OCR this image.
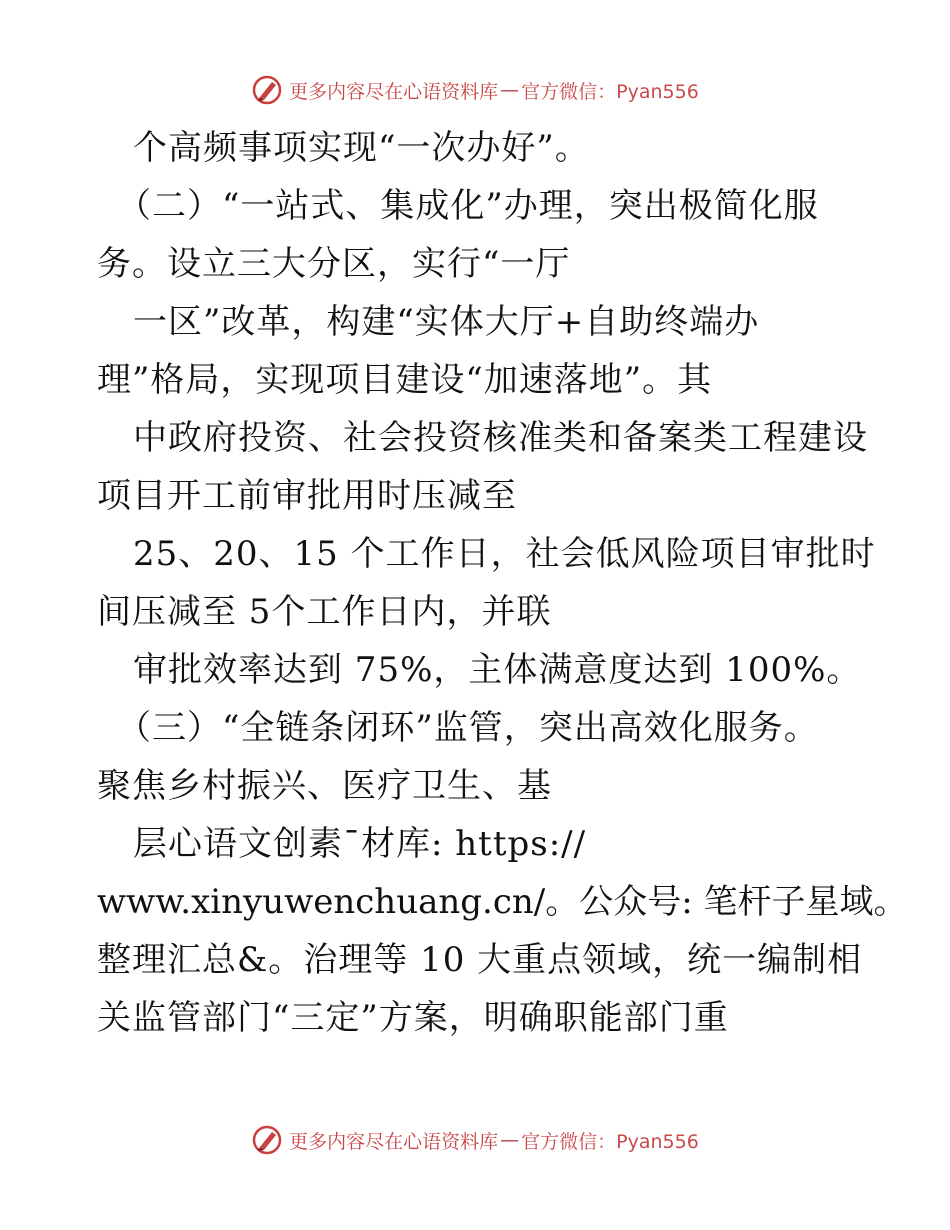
更多内容尽在心语资料库 — 官方微信：Pyan556
个高频事项实现“一次办好”。
（二）“一站式、集成化”办理，突出极简化服
务。设立三大分区，实行“一厅
一区”改革，构建“实体大厅+自助终端办
理”格局，实现项目建设“加速落地”。其
中政府投资、社会投资核准类和备案类工程建设
项目开工前审批用时压减至
25、20、15 个工作日，社会低风险项目审批时
间压减至 5个工作日内，并联
审批效率达到 75%，主体满意度达到 100%。
（三）“全链条闭环”监管，突出高效化服务。
聚焦乡村振兴、医疗卫生、基
层心语文创素¯材库: https://
www.xinyuwenchuang.cn/。公众号: 笔杆子星域。
整理汇总&。治理等 10 大重点领域，统一编制相
关监管部门“三定”方案，明确职能部门重
更多内容尽在心语资料库 — 官方微信：Pyan556
